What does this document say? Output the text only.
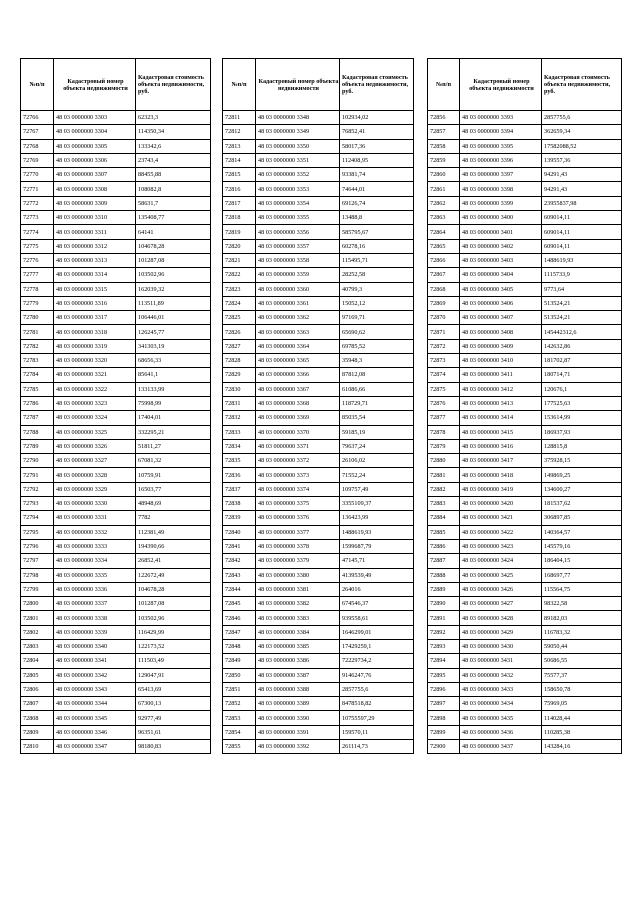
№п/п	Кадастровый номер объекта недвижимости	Кадастровая стоимость объекта недвижимости, руб.
72766	48 03 0000000 3303	62323,3
72767	48 03 0000000 3304	114350,34
72768	48 03 0000000 3305	133342,6
72769	48 03 0000000 3306	23743,4
72770	48 03 0000000 3307	88455,88
72771	48 03 0000000 3308	108082,8
72772	48 03 0000000 3309	58631,7
72773	48 03 0000000 3310	135408,77
72774	48 03 0000000 3311	64141
72775	48 03 0000000 3312	104678,28
72776	48 03 0000000 3313	101287,08
72777	48 03 0000000 3314	103502,96
72778	48 03 0000000 3315	162039,32
72779	48 03 0000000 3316	113511,89
72780	48 03 0000000 3317	106446,01
72781	48 03 0000000 3318	126245,77
72782	48 03 0000000 3319	341303,19
72783	48 03 0000000 3320	68656,33
72784	48 03 0000000 3321	85641,1
72785	48 03 0000000 3322	133133,99
72786	48 03 0000000 3323	75998,99
72787	48 03 0000000 3324	17404,01
72788	48 03 0000000 3325	332295,21
72789	48 03 0000000 3326	51811,27
72790	48 03 0000000 3327	67081,32
72791	48 03 0000000 3328	10759,91
72792	48 03 0000000 3329	16503,77
72793	48 03 0000000 3330	48948,69
72794	48 03 0000000 3331	7782
72795	48 03 0000000 3332	112381,49
72796	48 03 0000000 3333	194390,66
72797	48 03 0000000 3334	26852,41
72798	48 03 0000000 3335	122672,49
72799	48 03 0000000 3336	104678,28
72800	48 03 0000000 3337	101287,08
72801	48 03 0000000 3338	103502,96
72802	48 03 0000000 3339	116429,99
72803	48 03 0000000 3340	122173,52
72804	48 03 0000000 3341	111503,49
72805	48 03 0000000 3342	129047,91
72806	48 03 0000000 3343	65413,69
72807	48 03 0000000 3344	67300,13
72808	48 03 0000000 3345	92977,49
72809	48 03 0000000 3346	96351,61
72810	48 03 0000000 3347	98180,83
№п/п	Кадастровый номер объекта недвижимости	Кадастровая стоимость объекта недвижимости, руб.
72811	48 03 0000000 3348	102934,02
72812	48 03 0000000 3349	76852,41
72813	48 03 0000000 3350	58017,36
72814	48 03 0000000 3351	112408,95
72815	48 03 0000000 3352	93381,74
72816	48 03 0000000 3353	74644,01
72817	48 03 0000000 3354	69126,74
72818	48 03 0000000 3355	13488,8
72819	48 03 0000000 3356	585795,67
72820	48 03 0000000 3357	60278,16
72821	48 03 0000000 3358	115495,71
72822	48 03 0000000 3359	28252,58
72823	48 03 0000000 3360	40799,3
72824	48 03 0000000 3361	15052,12
72825	48 03 0000000 3362	97169,71
72826	48 03 0000000 3363	65690,62
72827	48 03 0000000 3364	69785,52
72828	48 03 0000000 3365	35948,3
72829	48 03 0000000 3366	87812,08
72830	48 03 0000000 3367	61086,66
72831	48 03 0000000 3368	118729,71
72832	48 03 0000000 3369	85035,54
72833	48 03 0000000 3370	59185,19
72834	48 03 0000000 3371	79637,24
72835	48 03 0000000 3372	26106,02
72836	48 03 0000000 3373	71552,24
72837	48 03 0000000 3374	109757,49
72838	48 03 0000000 3375	3355109,37
72839	48 03 0000000 3376	136423,99
72840	48 03 0000000 3377	1488619,93
72841	48 03 0000000 3378	1599687,79
72842	48 03 0000000 3379	47145,71
72843	48 03 0000000 3380	4139539,49
72844	48 03 0000000 3381	264016
72845	48 03 0000000 3382	674546,37
72846	48 03 0000000 3383	939558,61
72847	48 03 0000000 3384	1646299,01
72848	48 03 0000000 3385	17429259,1
72849	48 03 0000000 3386	72229734,2
72850	48 03 0000000 3387	9146247,76
72851	48 03 0000000 3388	2857755,6
72852	48 03 0000000 3389	8478518,82
72853	48 03 0000000 3390	10755597,29
72854	48 03 0000000 3391	159570,11
72855	48 03 0000000 3392	261114,73
№п/п	Кадастровый номер объекта недвижимости	Кадастровая стоимость объекта недвижимости, руб.
72856	48 03 0000000 3393	2857755,6
72857	48 03 0000000 3394	362659,34
72858	48 03 0000000 3395	17582088,52
72859	48 03 0000000 3396	139557,36
72860	48 03 0000000 3397	94291,43
72861	48 03 0000000 3398	94291,43
72862	48 03 0000000 3399	23955837,98
72863	48 03 0000000 3400	609014,11
72864	48 03 0000000 3401	609014,11
72865	48 03 0000000 3402	609014,11
72866	48 03 0000000 3403	1488619,93
72867	48 03 0000000 3404	1115733,9
72868	48 03 0000000 3405	9773,64
72869	48 03 0000000 3406	513524,21
72870	48 03 0000000 3407	513524,21
72871	48 03 0000000 3408	145442312,6
72872	48 03 0000000 3409	142632,86
72873	48 03 0000000 3410	181702,87
72874	48 03 0000000 3411	180714,71
72875	48 03 0000000 3412	120676,1
72876	48 03 0000000 3413	177525,63
72877	48 03 0000000 3414	153614,99
72878	48 03 0000000 3415	186937,93
72879	48 03 0000000 3416	128815,8
72880	48 03 0000000 3417	375928,15
72881	48 03 0000000 3418	149869,25
72882	48 03 0000000 3419	134600,27
72883	48 03 0000000 3420	181537,62
72884	48 03 0000000 3421	306897,85
72885	48 03 0000000 3422	140364,57
72886	48 03 0000000 3423	145579,16
72887	48 03 0000000 3424	186404,15
72888	48 03 0000000 3425	168697,77
72889	48 03 0000000 3426	115564,75
72890	48 03 0000000 3427	98322,58
72891	48 03 0000000 3428	89182,03
72892	48 03 0000000 3429	116783,32
72893	48 03 0000000 3430	59050,44
72894	48 03 0000000 3431	50686,55
72895	48 03 0000000 3432	75577,37
72896	48 03 0000000 3433	158650,78
72897	48 03 0000000 3434	75969,05
72898	48 03 0000000 3435	114028,44
72899	48 03 0000000 3436	110285,38
72900	48 03 0000000 3437	143284,16
